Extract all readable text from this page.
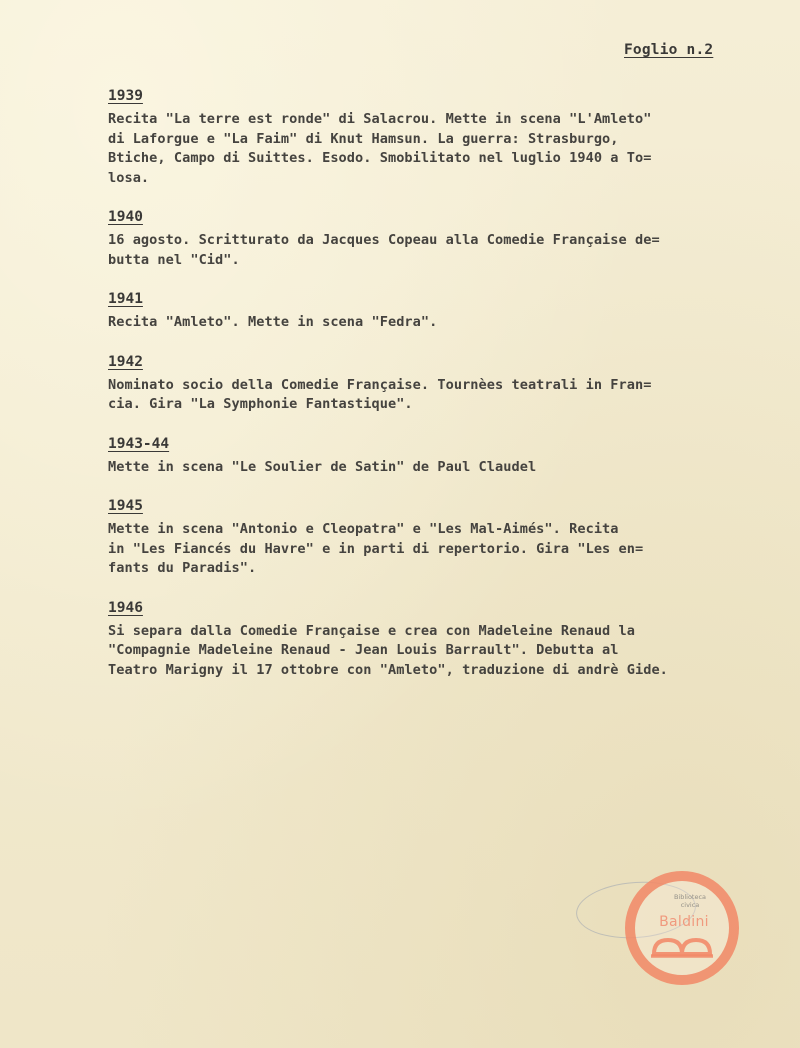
Foglio n.2
1939
Recita "La terre est ronde" di Salacrou. Mette in scena "L'Amleto"
di Laforgue e "La Faim" di Knut Hamsun. La guerra: Strasburgo,
Btiche, Campo di Suittes. Esodo. Smobilitato nel luglio 1940 a To=
losa.
1940
16 agosto. Scritturato da Jacques Copeau alla Comedie Française de=
butta nel "Cid".
1941
Recita "Amleto". Mette in scena "Fedra".
1942
Nominato socio della Comedie Française. Tournèes teatrali in Fran=
cia. Gira "La Symphonie Fantastique".
1943-44
Mette in scena "Le Soulier de Satin" de Paul Claudel
1945
Mette in scena "Antonio e Cleopatra" e "Les Mal-Aimés". Recita
in "Les Fiancés du Havre" e in parti di repertorio. Gira "Les en=
fants du Paradis".
1946
Si separa dalla Comedie Française e crea con Madeleine Renaud la
"Compagnie Madeleine Renaud - Jean Louis Barrault". Debutta al
Teatro Marigny il 17 ottobre con "Amleto", traduzione di andrè Gide.
Biblioteca
civica
Baldini
